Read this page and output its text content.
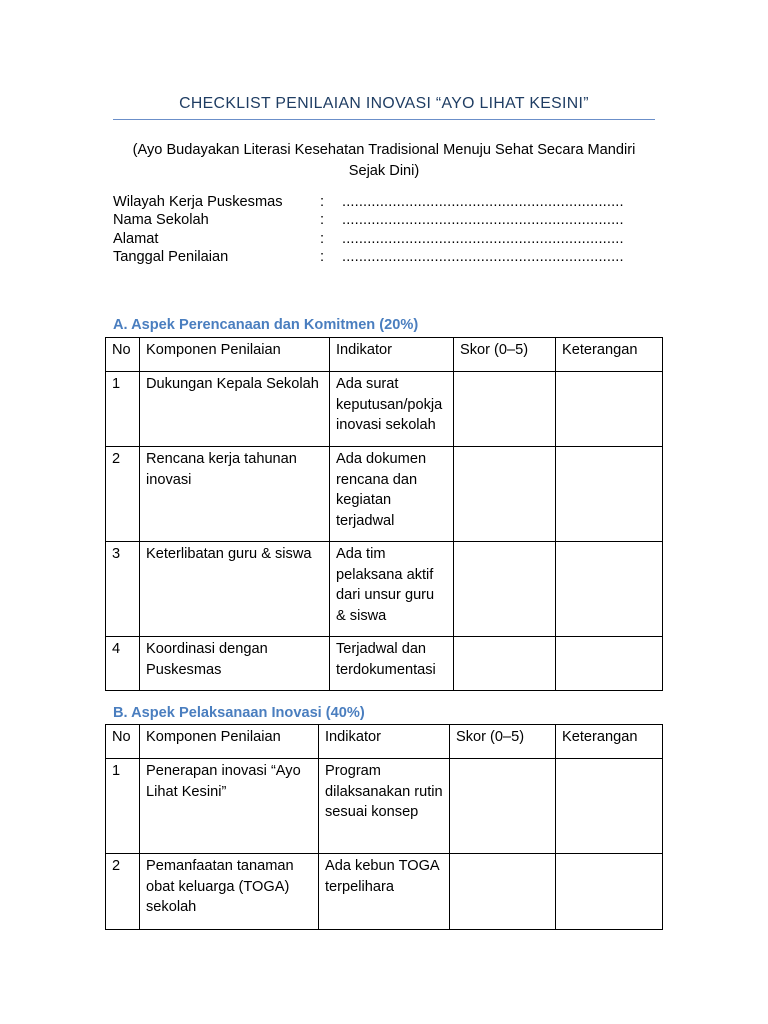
CHECKLIST PENILAIAN INOVASI “AYO LIHAT KESINI”
(Ayo Budayakan Literasi Kesehatan Tradisional Menuju Sehat Secara Mandiri Sejak Dini)
Wilayah Kerja Puskesmas	: ...................................................................
Nama Sekolah	: ...................................................................
Alamat	: ...................................................................
Tanggal Penilaian	: ...................................................................
A. Aspek Perencanaan dan Komitmen (20%)
No	Komponen Penilaian	Indikator	Skor (0–5)	Keterangan
1	Dukungan Kepala Sekolah	Ada surat keputusan/pokja inovasi sekolah		
2	Rencana kerja tahunan inovasi	Ada dokumen rencana dan kegiatan terjadwal		
3	Keterlibatan guru & siswa	Ada tim pelaksana aktif dari unsur guru & siswa		
4	Koordinasi dengan Puskesmas	Terjadwal dan terdokumentasi		
B. Aspek Pelaksanaan Inovasi (40%)
No	Komponen Penilaian	Indikator	Skor (0–5)	Keterangan
1	Penerapan inovasi “Ayo Lihat Kesini”	Program dilaksanakan rutin sesuai konsep		
2	Pemanfaatan tanaman obat keluarga (TOGA) sekolah	Ada kebun TOGA terpelihara		
